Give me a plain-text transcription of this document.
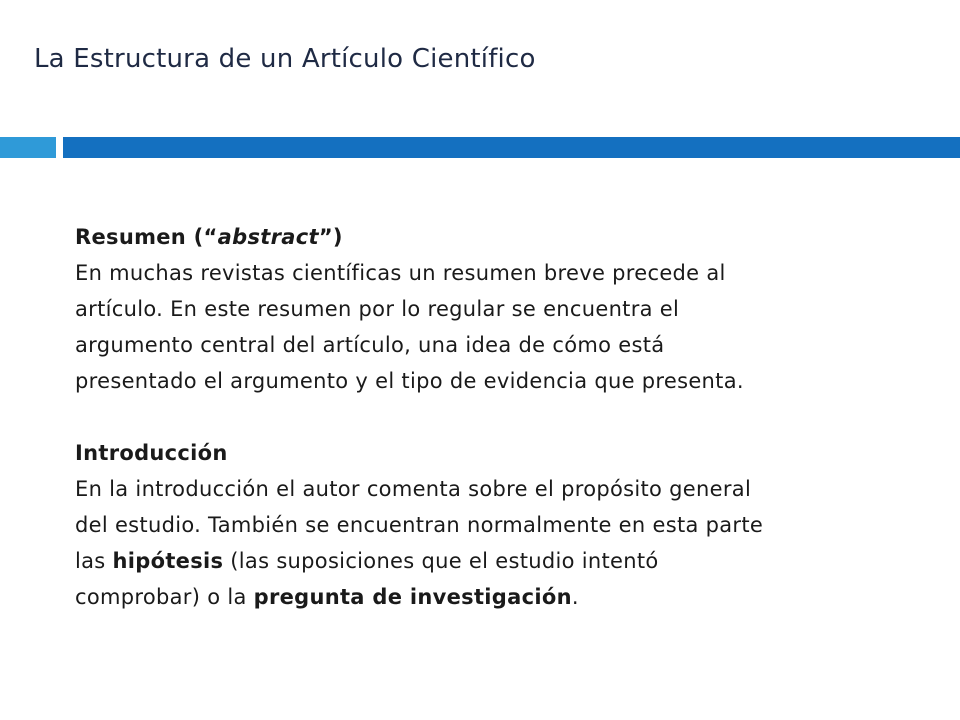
La Estructura de un Artículo Científico
Resumen (“abstract”)
En muchas revistas científicas un resumen breve precede al
artículo. En este resumen por lo regular se encuentra el
argumento central del artículo, una idea de cómo está
presentado el argumento y el tipo de evidencia que presenta.
Introducción
En la introducción el autor comenta sobre el propósito general
del estudio. También se encuentran normalmente en esta parte
las hipótesis (las suposiciones que el estudio intentó
comprobar) o la pregunta de investigación.
